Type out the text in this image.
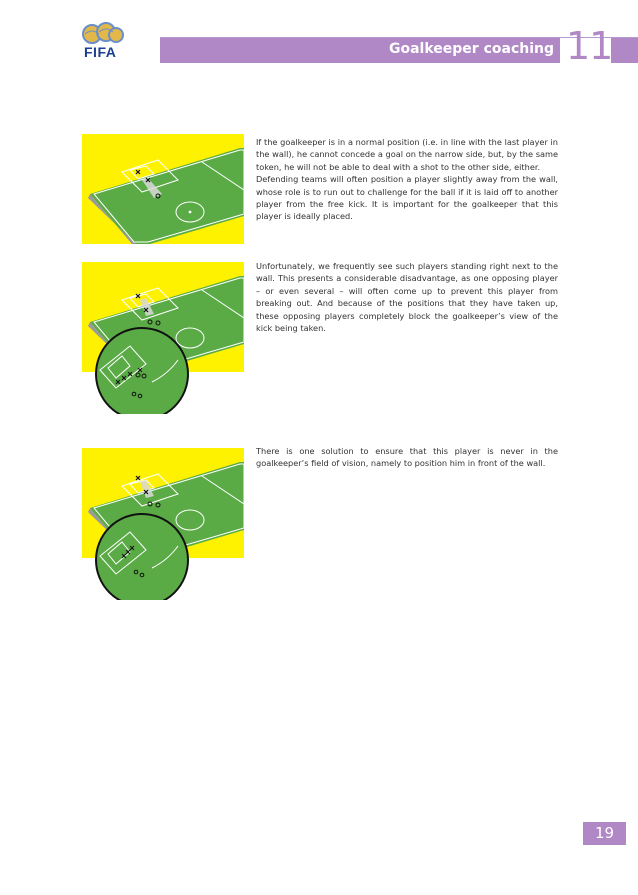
FIFA	Goalkeeper coaching 11
If the goalkeeper is in a normal position (i.e. in line with the last player in the wall), he cannot concede a goal on the narrow side, but, by the same token, he will not be able to deal with a shot to the other side, either.
Defending teams will often position a player slightly away from the wall, whose role is to run out to challenge for the ball if it is laid off to another player from the free kick. It is important for the goalkeeper that this player is ideally placed.

Unfortunately, we frequently see such players standing right next to the wall. This presents a considerable disadvantage, as one opposing player – or even several – will often come up to prevent this player from breaking out. And because of the positions that they have taken up, these opposing players completely block the goalkeeper’s view of the kick being taken.

There is one solution to ensure that this player is never in the goalkeeper’s field of vision, namely to position him in front of the wall.

19
